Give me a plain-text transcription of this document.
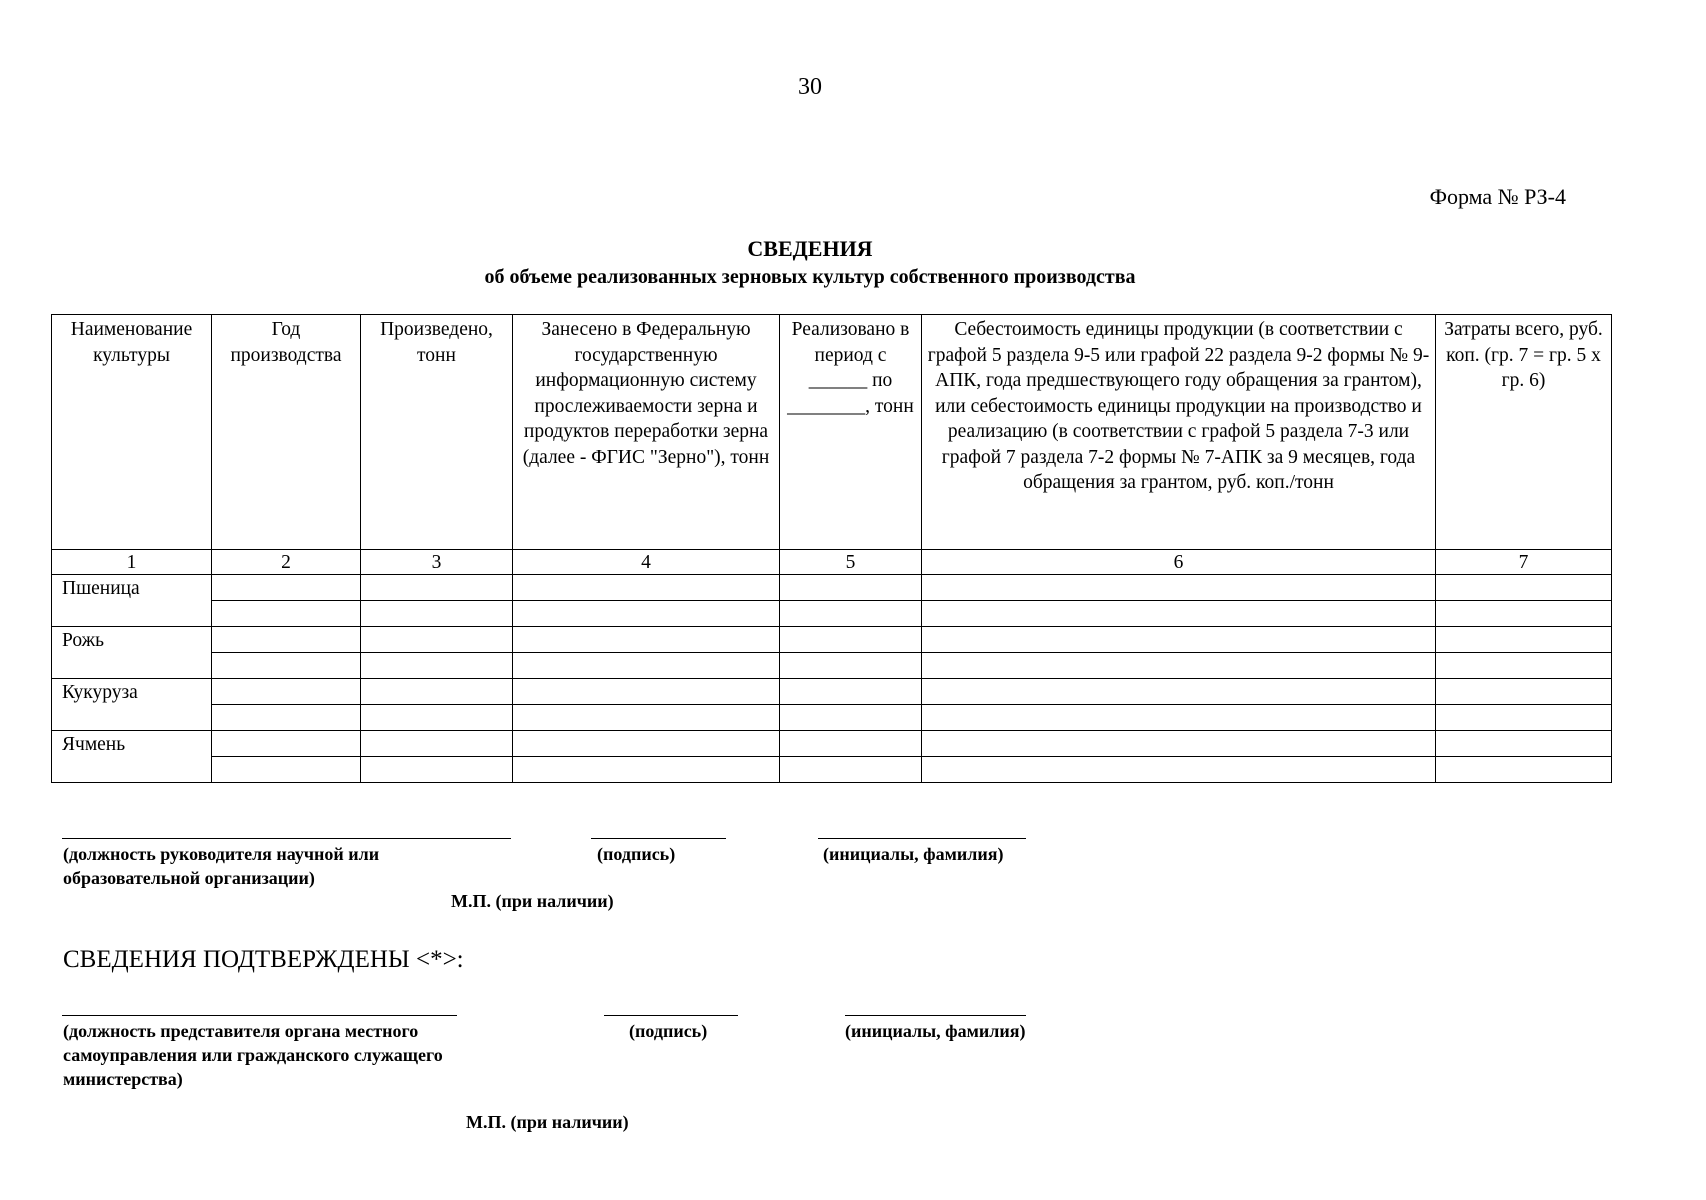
30
Форма № РЗ-4
СВЕДЕНИЯ
об объеме реализованных зерновых культур собственного производства
Наименование культуры	Год производства	Произведено, тонн	Занесено в Федеральную государственную информационную систему прослеживаемости зерна и продуктов переработки зерна (далее - ФГИС "Зерно"), тонн	Реализовано в период с ______ по ________, тонн	Себестоимость единицы продукции (в соответствии с графой 5 раздела 9-5 или графой 22 раздела 9-2 формы № 9-АПК, года предшествующего году обращения за грантом), или себестоимость единицы продукции на производство и реализацию (в соответствии с графой 5 раздела 7-3 или графой 7 раздела 7-2 формы № 7-АПК за 9 месяцев, года обращения за грантом, руб. коп./тонн	Затраты всего, руб. коп. (гр. 7 = гр. 5 x гр. 6)
1	2	3	4	5	6	7
Пшеница						

Рожь						

Кукуруза						

Ячмень						

(должность руководителя научной или образовательной организации)
(подпись)	(инициалы, фамилия)
М.П. (при наличии)
СВЕДЕНИЯ ПОДТВЕРЖДЕНЫ <*>:
(должность представителя органа местного самоуправления или гражданского служащего министерства)
(подпись)	(инициалы, фамилия)
М.П. (при наличии)
